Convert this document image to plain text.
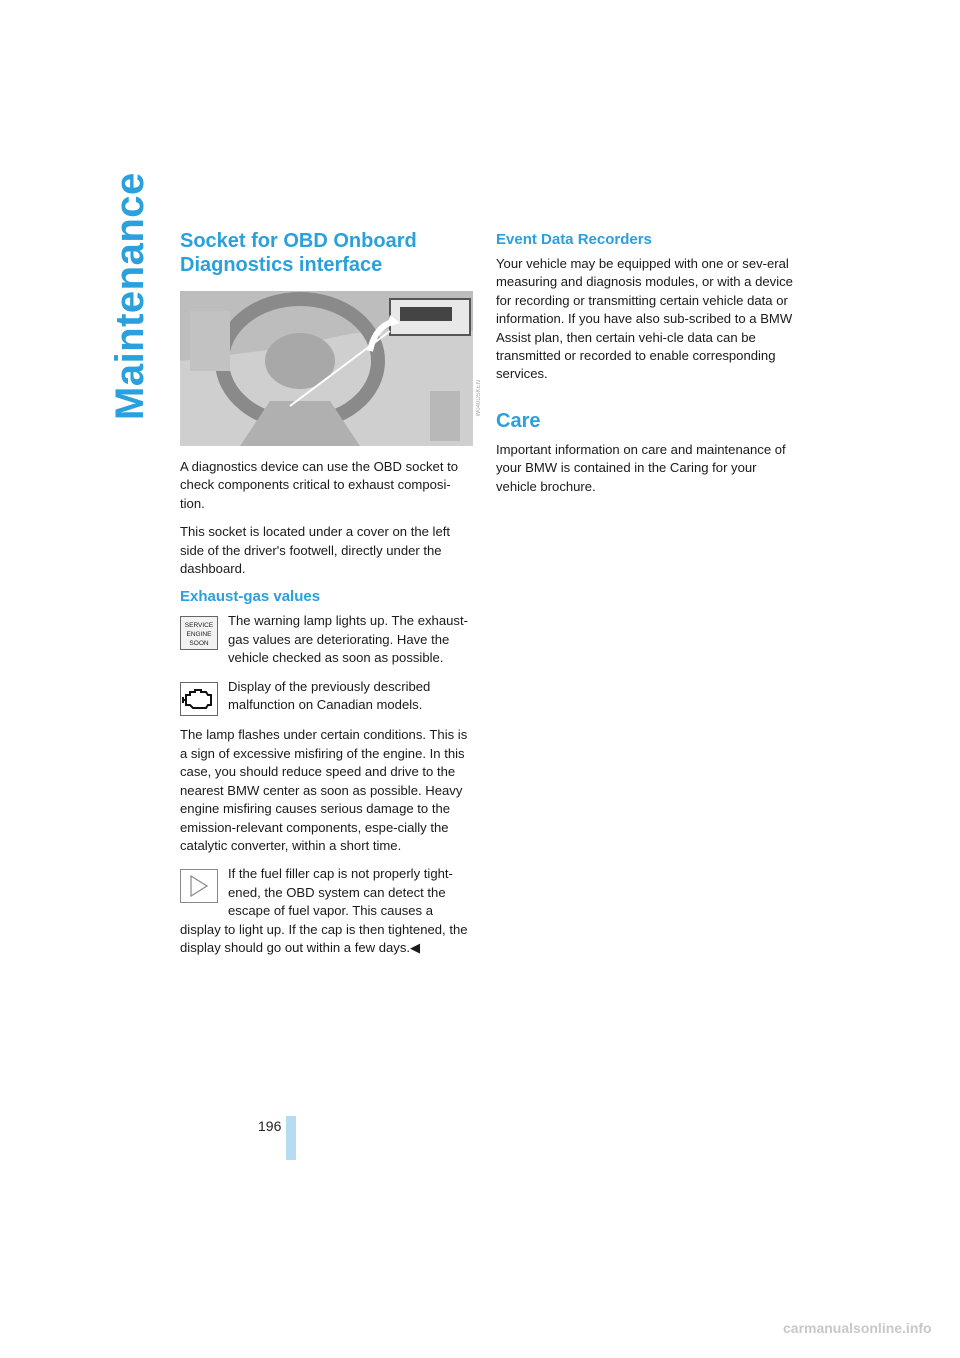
Maintenance Socket for OBD Onboard Diagnostics interface

A diagnostics device can use the OBD socket to check components critical to exhaust composi-tion.

This socket is located under a cover on the left side of the driver's footwell, directly under the dashboard.

Exhaust-gas values

SERVICE
ENGINE
SOON
The warning lamp lights up. The exhaust-gas values are deteriorating. Have the vehicle checked as soon as possible.

Display of the previously described malfunction on Canadian models.

The lamp flashes under certain conditions. This is a sign of excessive misfiring of the engine. In this case, you should reduce speed and drive to the nearest BMW center as soon as possible. Heavy engine misfiring causes serious damage to the emission-relevant components, espe-cially the catalytic converter, within a short time.

If the fuel filler cap is not properly tight-ened, the OBD system can detect the escape of fuel vapor. This causes a display to light up. If the cap is then tightened, the display should go out within a few days.◀

W040DSKEN
Event Data Recorders

Your vehicle may be equipped with one or sev-eral measuring and diagnosis modules, or with a device for recording or transmitting certain vehicle data or information. If you have also sub-scribed to a BMW Assist plan, then certain vehi-cle data can be transmitted or recorded to enable corresponding services.

Care

Important information on care and maintenance of your BMW is contained in the Caring for your vehicle brochure.

196
carmanualsonline.info
